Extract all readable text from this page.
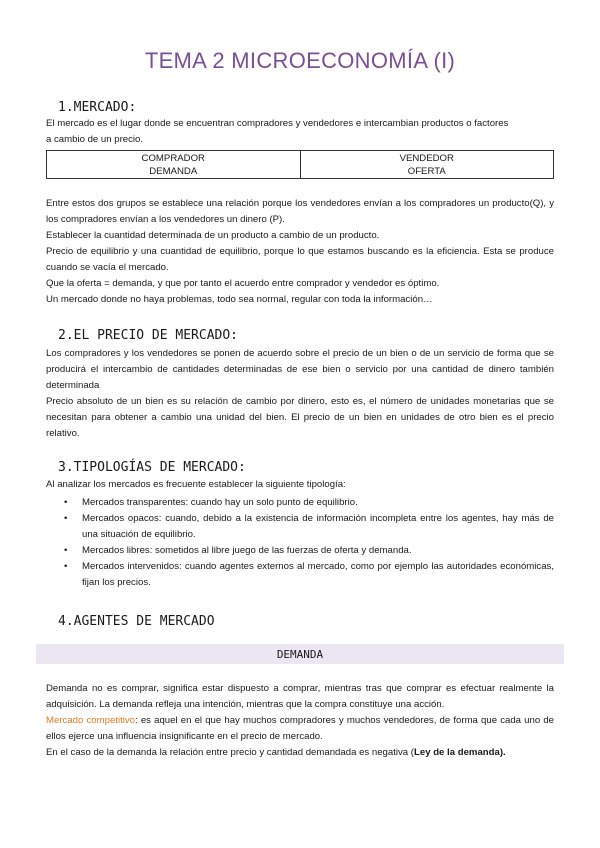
TEMA 2 MICROECONOMÍA (I)
1.MERCADO:
El mercado es el lugar donde se encuentran compradores y vendedores e intercambian productos o factores
a cambio de un precio.
COMPRADOR
DEMANDA

VENDEDOR
OFERTA
Entre estos dos grupos se establece una relación porque los vendedores envían a los compradores un producto(Q), y los compradores envían a los vendedores un dinero (P).
Establecer la cuantidad determinada de un producto a cambio de un producto.
Precio de equilibrio y una cuantidad de equilibrio, porque lo que estamos buscando es la eficiencia. Esta se produce cuando se vacía el mercado.
Que la oferta = demanda, y que por tanto el acuerdo entre comprador y vendedor es óptimo.
Un mercado donde no haya problemas, todo sea normal, regular con toda la información…
2.EL PRECIO DE MERCADO:
Los compradores y los vendedores se ponen de acuerdo sobre el precio de un bien o de un servicio de forma que se producirá el intercambio de cantidades determinadas de ese bien o servicio por una cantidad de dinero también determinada
Precio absoluto de un bien es su relación de cambio por dinero, esto es, el número de unidades monetarias que se necesitan para obtener a cambio una unidad del bien. El precio de un bien en unidades de otro bien es el precio relativo.
3.TIPOLOGÍAS DE MERCADO:
Al analizar los mercados es frecuente establecer la siguiente tipología:
• Mercados transparentes: cuando hay un solo punto de equilibrio.
• Mercados opacos: cuando, debido a la existencia de información incompleta entre los agentes, hay más de una situación de equilibrio.
• Mercados libres: sometidos al libre juego de las fuerzas de oferta y demanda.
• Mercados intervenidos: cuando agentes externos al mercado, como por ejemplo las autoridades económicas, fijan los precios.
4.AGENTES DE MERCADO
DEMANDA
Demanda no es comprar, significa estar dispuesto a comprar, mientras tras que comprar es efectuar realmente la adquisición. La demanda refleja una intención, mientras que la compra constituye una acción.
Mercado competitivo: es aquel en el que hay muchos compradores y muchos vendedores, de forma que cada uno de ellos ejerce una influencia insignificante en el precio de mercado.
En el caso de la demanda la relación entre precio y cantidad demandada es negativa (Ley de la demanda).
